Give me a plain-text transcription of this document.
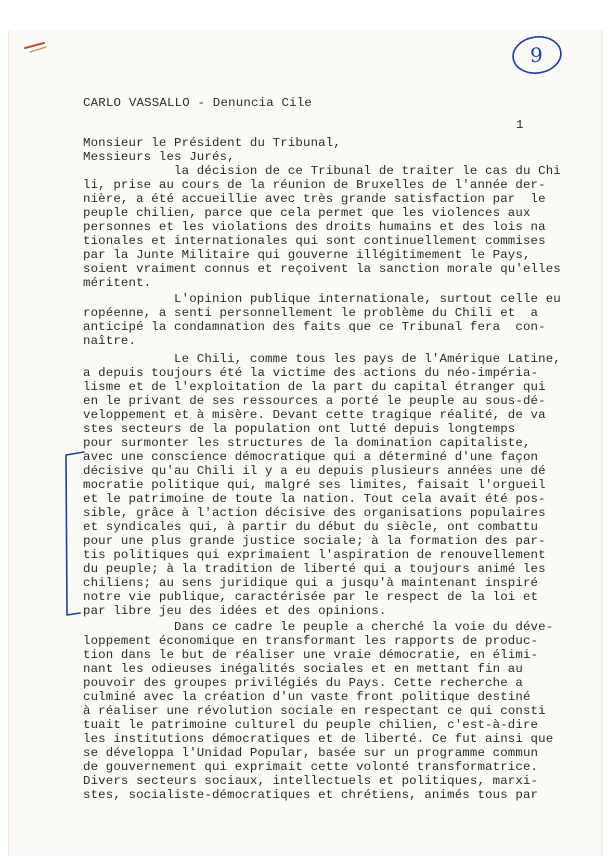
9
CARLO VASSALLO - Denuncia Cile
1
Monsieur le Président du Tribunal,
Messieurs les Jurés,
la décision de ce Tribunal de traiter le cas du Chi
li, prise au cours de la réunion de Bruxelles de l'année der-
nière, a été accueillie avec très grande satisfaction par  le
peuple chilien, parce que cela permet que les violences aux
personnes et les violations des droits humains et des lois na
tionales et internationales qui sont continuellement commises
par la Junte Militaire qui gouverne illégitimement le Pays,
soient vraiment connus et reçoivent la sanction morale qu'elles
méritent.
L'opinion publique internationale, surtout celle eu
ropéenne, a senti personnellement le problème du Chili et  a
anticipé la condamnation des faits que ce Tribunal fera  con-
naître.
Le Chili, comme tous les pays de l'Amérique Latine,
a depuis toujours été la victime des actions du néo-impéria-
lisme et de l'exploitation de la part du capital étranger qui
en le privant de ses ressources a porté le peuple au sous-dé-
veloppement et à misère. Devant cette tragique réalité, de va
stes secteurs de la population ont lutté depuis longtemps
pour surmonter les structures de la domination capitaliste,
avec une conscience démocratique qui a déterminé d'une façon
décisive qu'au Chili il y a eu depuis plusieurs années une dé
mocratie politique qui, malgré ses limites, faisait l'orgueil
et le patrimoine de toute la nation. Tout cela avait été pos-
sible, grâce à l'action décisive des organisations populaires
et syndicales qui, à partir du début du siècle, ont combattu
pour une plus grande justice sociale; à la formation des par-
tis politiques qui exprimaient l'aspiration de renouvellement
du peuple; à la tradition de liberté qui a toujours animé les
chiliens; au sens juridique qui a jusqu'à maintenant inspiré
notre vie publique, caractérisée par le respect de la loi et
par libre jeu des idées et des opinions.
Dans ce cadre le peuple a cherché la voie du déve-
loppement économique en transformant les rapports de produc-
tion dans le but de réaliser une vraie démocratie, en élimi-
nant les odieuses inégalités sociales et en mettant fin au
pouvoir des groupes privilégiés du Pays. Cette recherche a
culminé avec la création d'un vaste front politique destiné
à réaliser une révolution sociale en respectant ce qui consti
tuait le patrimoine culturel du peuple chilien, c'est-à-dire
les institutions démocratiques et de liberté. Ce fut ainsi que
se développa l'Unidad Popular, basée sur un programme commun
de gouvernement qui exprimait cette volonté transformatrice.
Divers secteurs sociaux, intellectuels et politiques, marxi-
stes, socialiste-démocratiques et chrétiens, animés tous par
